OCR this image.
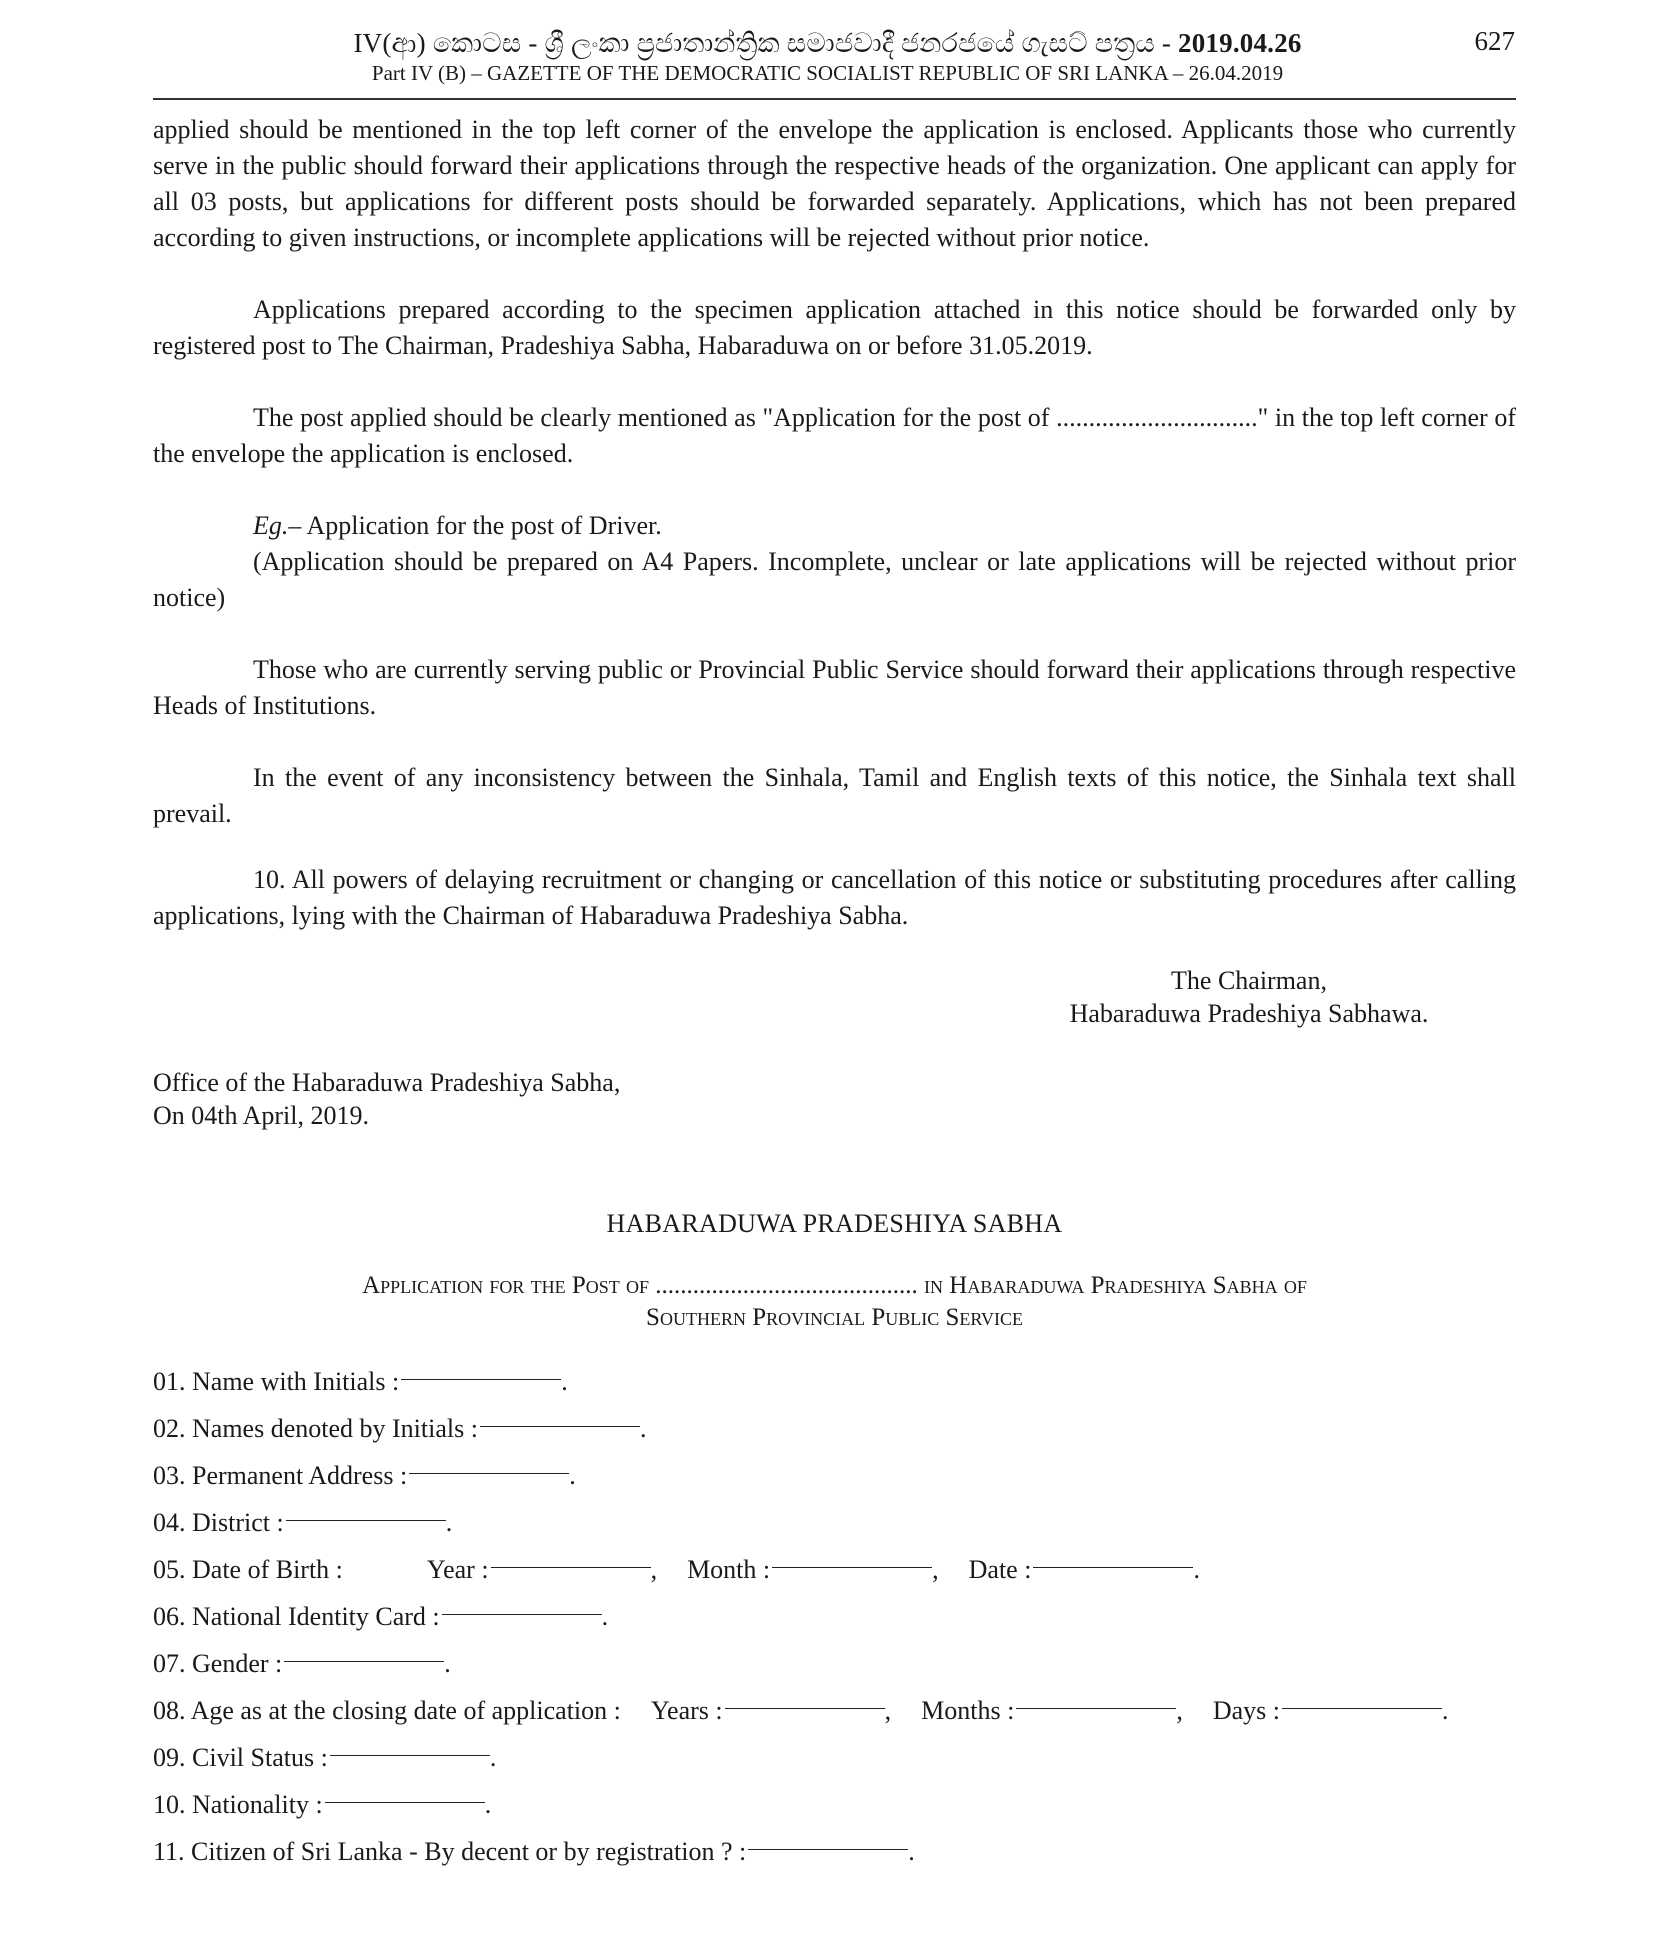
IV(ආ) කොටස - ශ්‍රී ලංකා ප්‍රජාතාන්ත්‍රික සමාජවාදී ජනරජයේ ගැසට් පත්‍රය - 2019.04.26	627
Part IV (B) – GAZETTE OF THE DEMOCRATIC SOCIALIST REPUBLIC OF SRI LANKA – 26.04.2019

applied should be mentioned in the top left corner of the envelope the application is enclosed. Applicants those who currently serve in the public should forward their applications through the respective heads of the organization. One applicant can apply for all 03 posts, but applications for different posts should be forwarded separately. Applications, which has not been prepared according to given instructions, or incomplete applications will be rejected without prior notice.

Applications prepared according to the specimen application attached in this notice should be forwarded only by registered post to The Chairman, Pradeshiya Sabha, Habaraduwa on or before 31.05.2019.

The post applied should be clearly mentioned as "Application for the post of ..............................." in the top left corner of the envelope the application is enclosed.

Eg.– Application for the post of Driver.

(Application should be prepared on A4 Papers. Incomplete, unclear or late applications will be rejected without prior notice)

Those who are currently serving public or Provincial Public Service should forward their applications through respective Heads of Institutions.

In the event of any inconsistency between the Sinhala, Tamil and English texts of this notice, the Sinhala text shall prevail.

10. All powers of delaying recruitment or changing or cancellation of this notice or substituting procedures after calling applications, lying with the Chairman of Habaraduwa Pradeshiya Sabha.

The Chairman,
Habaraduwa Pradeshiya Sabhawa.
Office of the Habaraduwa Pradeshiya Sabha,
On 04th April, 2019.
HABARADUWA PRADESHIYA SABHA
Application for the Post of .......................................... in Habaraduwa Pradeshiya Sabha of
Southern Provincial Public Service
01. Name with Initials :	.
02. Names denoted by Initials :	.
03. Permanent Address :	.
04. District :	.
05. Date of Birth :	Year :	, Month :	, Date :	.
06. National Identity Card :	.
07. Gender :	.
08. Age as at the closing date of application : Years :	, Months :	, Days :	.
09. Civil Status :	.
10. Nationality :	.
11. Citizen of Sri Lanka - By decent or by registration ? :	.
